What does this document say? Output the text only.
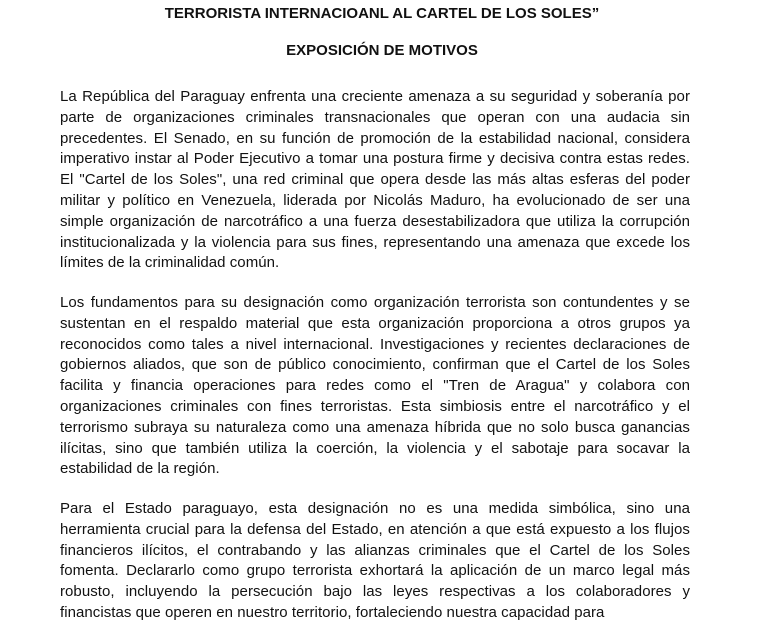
TERRORISTA INTERNACIOANL AL CARTEL DE LOS SOLES”

EXPOSICIÓN DE MOTIVOS

La República del Paraguay enfrenta una creciente amenaza a su seguridad y soberanía por parte de organizaciones criminales transnacionales que operan con una audacia sin precedentes. El Senado, en su función de promoción de la estabilidad nacional, considera imperativo instar al Poder Ejecutivo a tomar una postura firme y decisiva contra estas redes. El "Cartel de los Soles", una red criminal que opera desde las más altas esferas del poder militar y político en Venezuela, liderada por Nicolás Maduro, ha evolucionado de ser una simple organización de narcotráfico a una fuerza desestabilizadora que utiliza la corrupción institucionalizada y la violencia para sus fines, representando una amenaza que excede los límites de la criminalidad común.

Los fundamentos para su designación como organización terrorista son contundentes y se sustentan en el respaldo material que esta organización proporciona a otros grupos ya reconocidos como tales a nivel internacional. Investigaciones y recientes declaraciones de gobiernos aliados, que son de público conocimiento, confirman que el Cartel de los Soles facilita y financia operaciones para redes como el "Tren de Aragua" y colabora con organizaciones criminales con fines terroristas. Esta simbiosis entre el narcotráfico y el terrorismo subraya su naturaleza como una amenaza híbrida que no solo busca ganancias ilícitas, sino que también utiliza la coerción, la violencia y el sabotaje para socavar la estabilidad de la región.

Para el Estado paraguayo, esta designación no es una medida simbólica, sino una herramienta crucial para la defensa del Estado, en atención a que está expuesto a los flujos financieros ilícitos, el contrabando y las alianzas criminales que el Cartel de los Soles fomenta. Declararlo como grupo terrorista exhortará la aplicación de un marco legal más robusto, incluyendo la persecución bajo las leyes respectivas a los colaboradores y financistas que operen en nuestro territorio, fortaleciendo nuestra capacidad para
